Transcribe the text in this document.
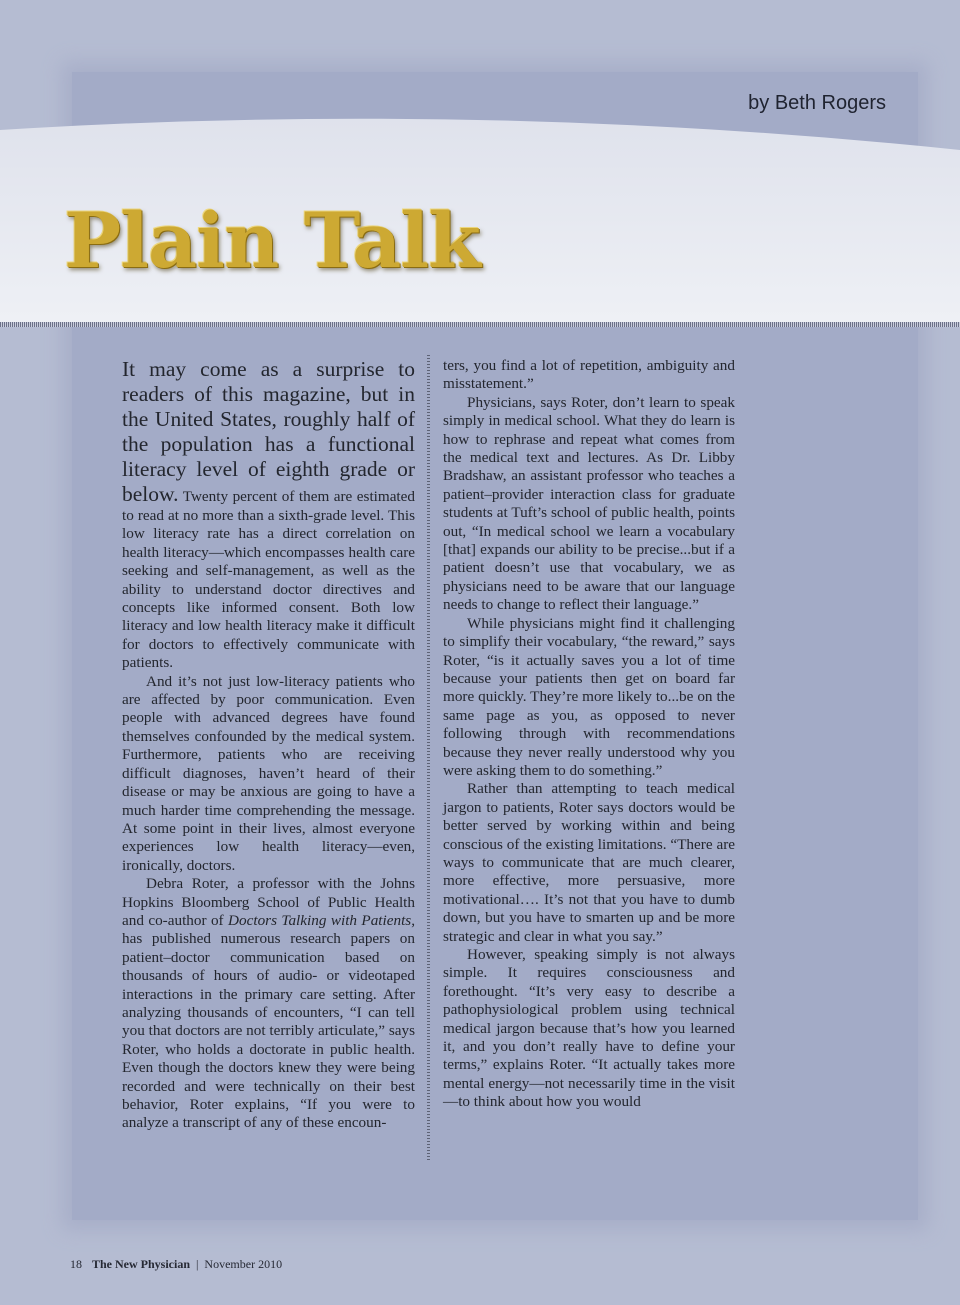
by Beth Rogers
Plain Talk

It may come as a surprise to readers of this magazine, but in the United States, roughly half of the population has a functional literacy level of eighth grade or below. Twenty percent of them are estimated to read at no more than a sixth-grade level. This low literacy rate has a direct correlation on health literacy—which encompasses health care seeking and self-management, as well as the ability to understand doctor directives and concepts like informed consent. Both low literacy and low health literacy make it difficult for doctors to effectively communicate with patients.

And it’s not just low-literacy patients who are affected by poor communication. Even people with advanced degrees have found themselves confounded by the medical system. Furthermore, patients who are receiving difficult diagnoses, haven’t heard of their disease or may be anxious are going to have a much harder time comprehending the message. At some point in their lives, almost everyone experiences low health literacy—even, ironically, doctors.

Debra Roter, a professor with the Johns Hopkins Bloomberg School of Public Health and co-author of Doctors Talking with Patients, has published numerous research papers on patient–doctor communication based on thousands of hours of audio- or videotaped interactions in the primary care setting. After analyzing thousands of encounters, “I can tell you that doctors are not terribly articulate,” says Roter, who holds a doctorate in public health. Even though the doctors knew they were being recorded and were technically on their best behavior, Roter explains, “If you were to analyze a transcript of any of these encoun-

ters, you find a lot of repetition, ambiguity and misstatement.”

Physicians, says Roter, don’t learn to speak simply in medical school. What they do learn is how to rephrase and repeat what comes from the medical text and lectures. As Dr. Libby Bradshaw, an assistant professor who teaches a patient–provider interaction class for graduate students at Tuft’s school of public health, points out, “In medical school we learn a vocabulary [that] expands our ability to be precise...but if a patient doesn’t use that vocabulary, we as physicians need to be aware that our language needs to change to reflect their language.”

While physicians might find it challenging to simplify their vocabulary, “the reward,” says Roter, “is it actually saves you a lot of time because your patients then get on board far more quickly. They’re more likely to...be on the same page as you, as opposed to never following through with recommendations because they never really understood why you were asking them to do something.”

Rather than attempting to teach medical jargon to patients, Roter says doctors would be better served by working within and being conscious of the existing limitations. “There are ways to communicate that are much clearer, more effective, more persuasive, more motivational…. It’s not that you have to dumb down, but you have to smarten up and be more strategic and clear in what you say.”

However, speaking simply is not always simple. It requires consciousness and forethought. “It’s very easy to describe a pathophysiological problem using technical medical jargon because that’s how you learned it, and you don’t really have to define your terms,” explains Roter. “It actually takes more mental energy—not necessarily time in the visit—to think about how you would

18 The New Physician | November 2010
